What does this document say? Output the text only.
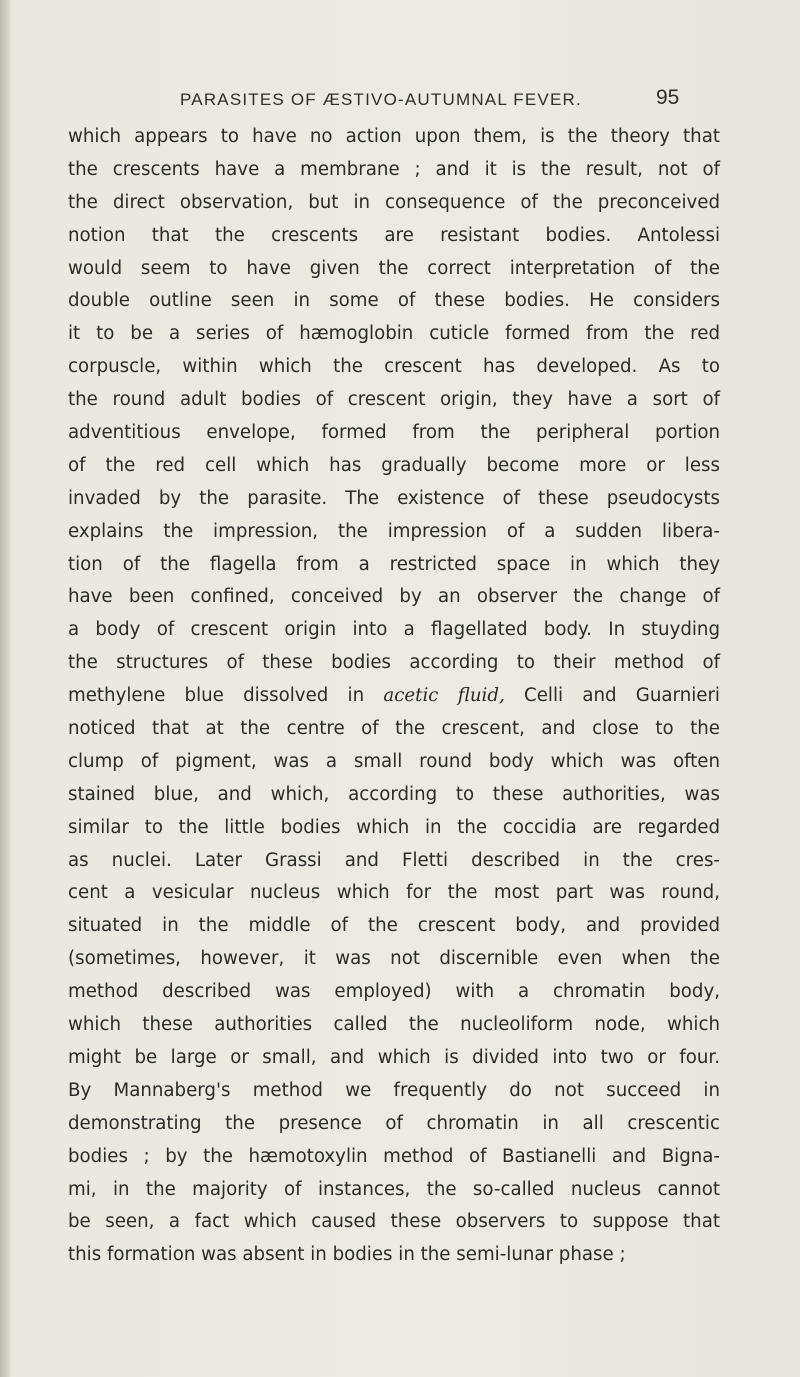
PARASITES OF ÆSTIVO-AUTUMNAL FEVER.	95
which appears to have no action upon them, is the theory that
the crescents have a membrane ; and it is the result, not of
the direct observation, but in consequence of the preconceived
notion that the crescents are resistant bodies. Antolessi
would seem to have given the correct interpretation of the
double outline seen in some of these bodies. He considers
it to be a series of hæmoglobin cuticle formed from the red
corpuscle, within which the crescent has developed. As to
the round adult bodies of crescent origin, they have a sort of
adventitious envelope, formed from the peripheral portion
of the red cell which has gradually become more or less
invaded by the parasite. The existence of these pseudocysts
explains the impression, the impression of a sudden libera-
tion of the flagella from a restricted space in which they
have been confined, conceived by an observer the change of
a body of crescent origin into a flagellated body. In stuyding
the structures of these bodies according to their method of
methylene blue dissolved in acetic fluid, Celli and Guarnieri
noticed that at the centre of the crescent, and close to the
clump of pigment, was a small round body which was often
stained blue, and which, according to these authorities, was
similar to the little bodies which in the coccidia are regarded
as nuclei. Later Grassi and Fletti described in the cres-
cent a vesicular nucleus which for the most part was round,
situated in the middle of the crescent body, and provided
(sometimes, however, it was not discernible even when the
method described was employed) with a chromatin body,
which these authorities called the nucleoliform node, which
might be large or small, and which is divided into two or four.
By Mannaberg's method we frequently do not succeed in
demonstrating the presence of chromatin in all crescentic
bodies ; by the hæmotoxylin method of Bastianelli and Bigna-
mi, in the majority of instances, the so-called nucleus cannot
be seen, a fact which caused these observers to suppose that
this formation was absent in bodies in the semi-lunar phase ;
